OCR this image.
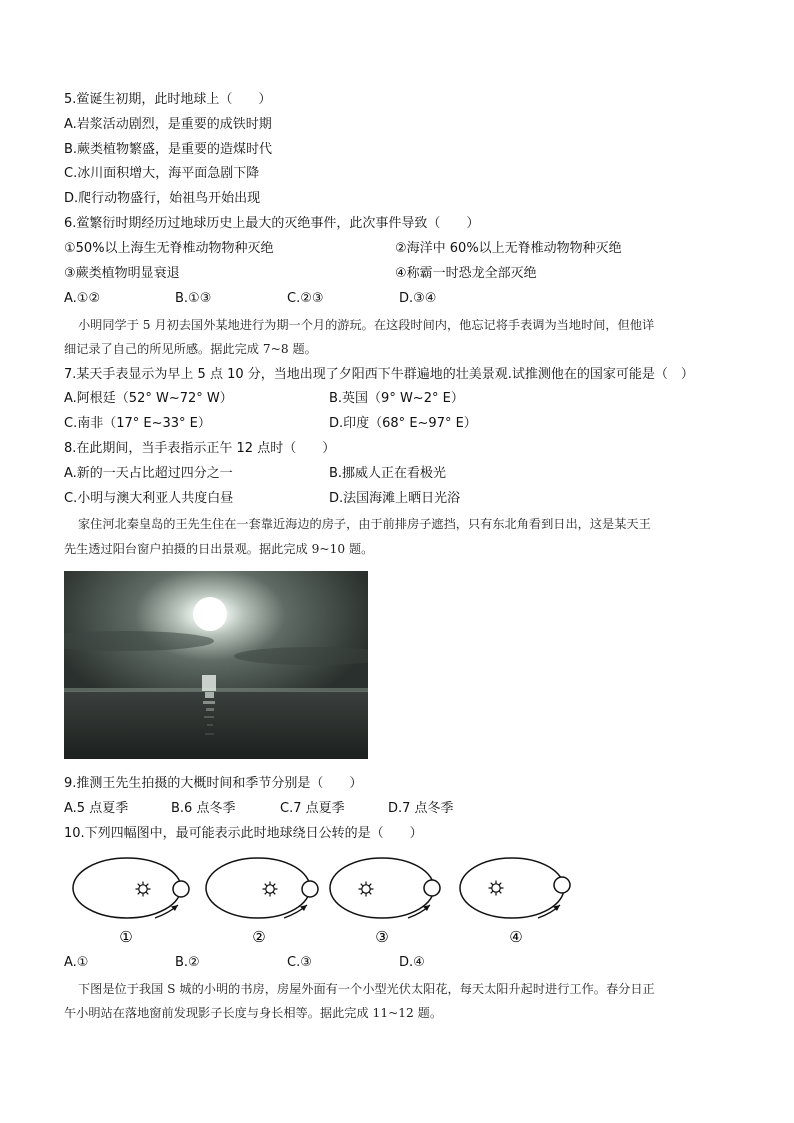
5.鲎诞生初期，此时地球上（　　）
A.岩浆活动剧烈，是重要的成铁时期
B.蕨类植物繁盛，是重要的造煤时代
C.冰川面积增大，海平面急剧下降
D.爬行动物盛行，始祖鸟开始出现
6.鲎繁衍时期经历过地球历史上最大的灭绝事件，此次事件导致（　　）
①50%以上海生无脊椎动物物种灭绝	②海洋中 60%以上无脊椎动物物种灭绝
③蕨类植物明显衰退	④称霸一时恐龙全部灭绝
A.①②	B.①③	C.②③	D.③④
小明同学于 5 月初去国外某地进行为期一个月的游玩。在这段时间内，他忘记将手表调为当地时间，但他详
细记录了自己的所见所感。据此完成 7~8 题。
7.某天手表显示为早上 5 点 10 分，当地出现了夕阳西下牛群遍地的壮美景观.试推测他在的国家可能是（　）
A.阿根廷（52° W~72° W）	B.英国（9° W~2° E）
C.南非（17° E~33° E）	D.印度（68° E~97° E）
8.在此期间，当手表指示正午 12 点时（　　）
A.新的一天占比超过四分之一	B.挪威人正在看极光
C.小明与澳大利亚人共度白昼	D.法国海滩上晒日光浴
家住河北秦皇岛的王先生住在一套靠近海边的房子，由于前排房子遮挡，只有东北角看到日出，这是某天王
先生透过阳台窗户拍摄的日出景观。据此完成 9~10 题。
9.推测王先生拍摄的大概时间和季节分别是（　　）
A.5 点夏季	B.6 点冬季	C.7 点夏季	D.7 点冬季
10.下列四幅图中，最可能表示此时地球绕日公转的是（　　）
①	②	③	④
A.①	B.②	C.③	D.④
下图是位于我国 S 城的小明的书房，房屋外面有一个小型光伏太阳花，每天太阳升起时进行工作。春分日正
午小明站在落地窗前发现影子长度与身长相等。据此完成 11~12 题。
